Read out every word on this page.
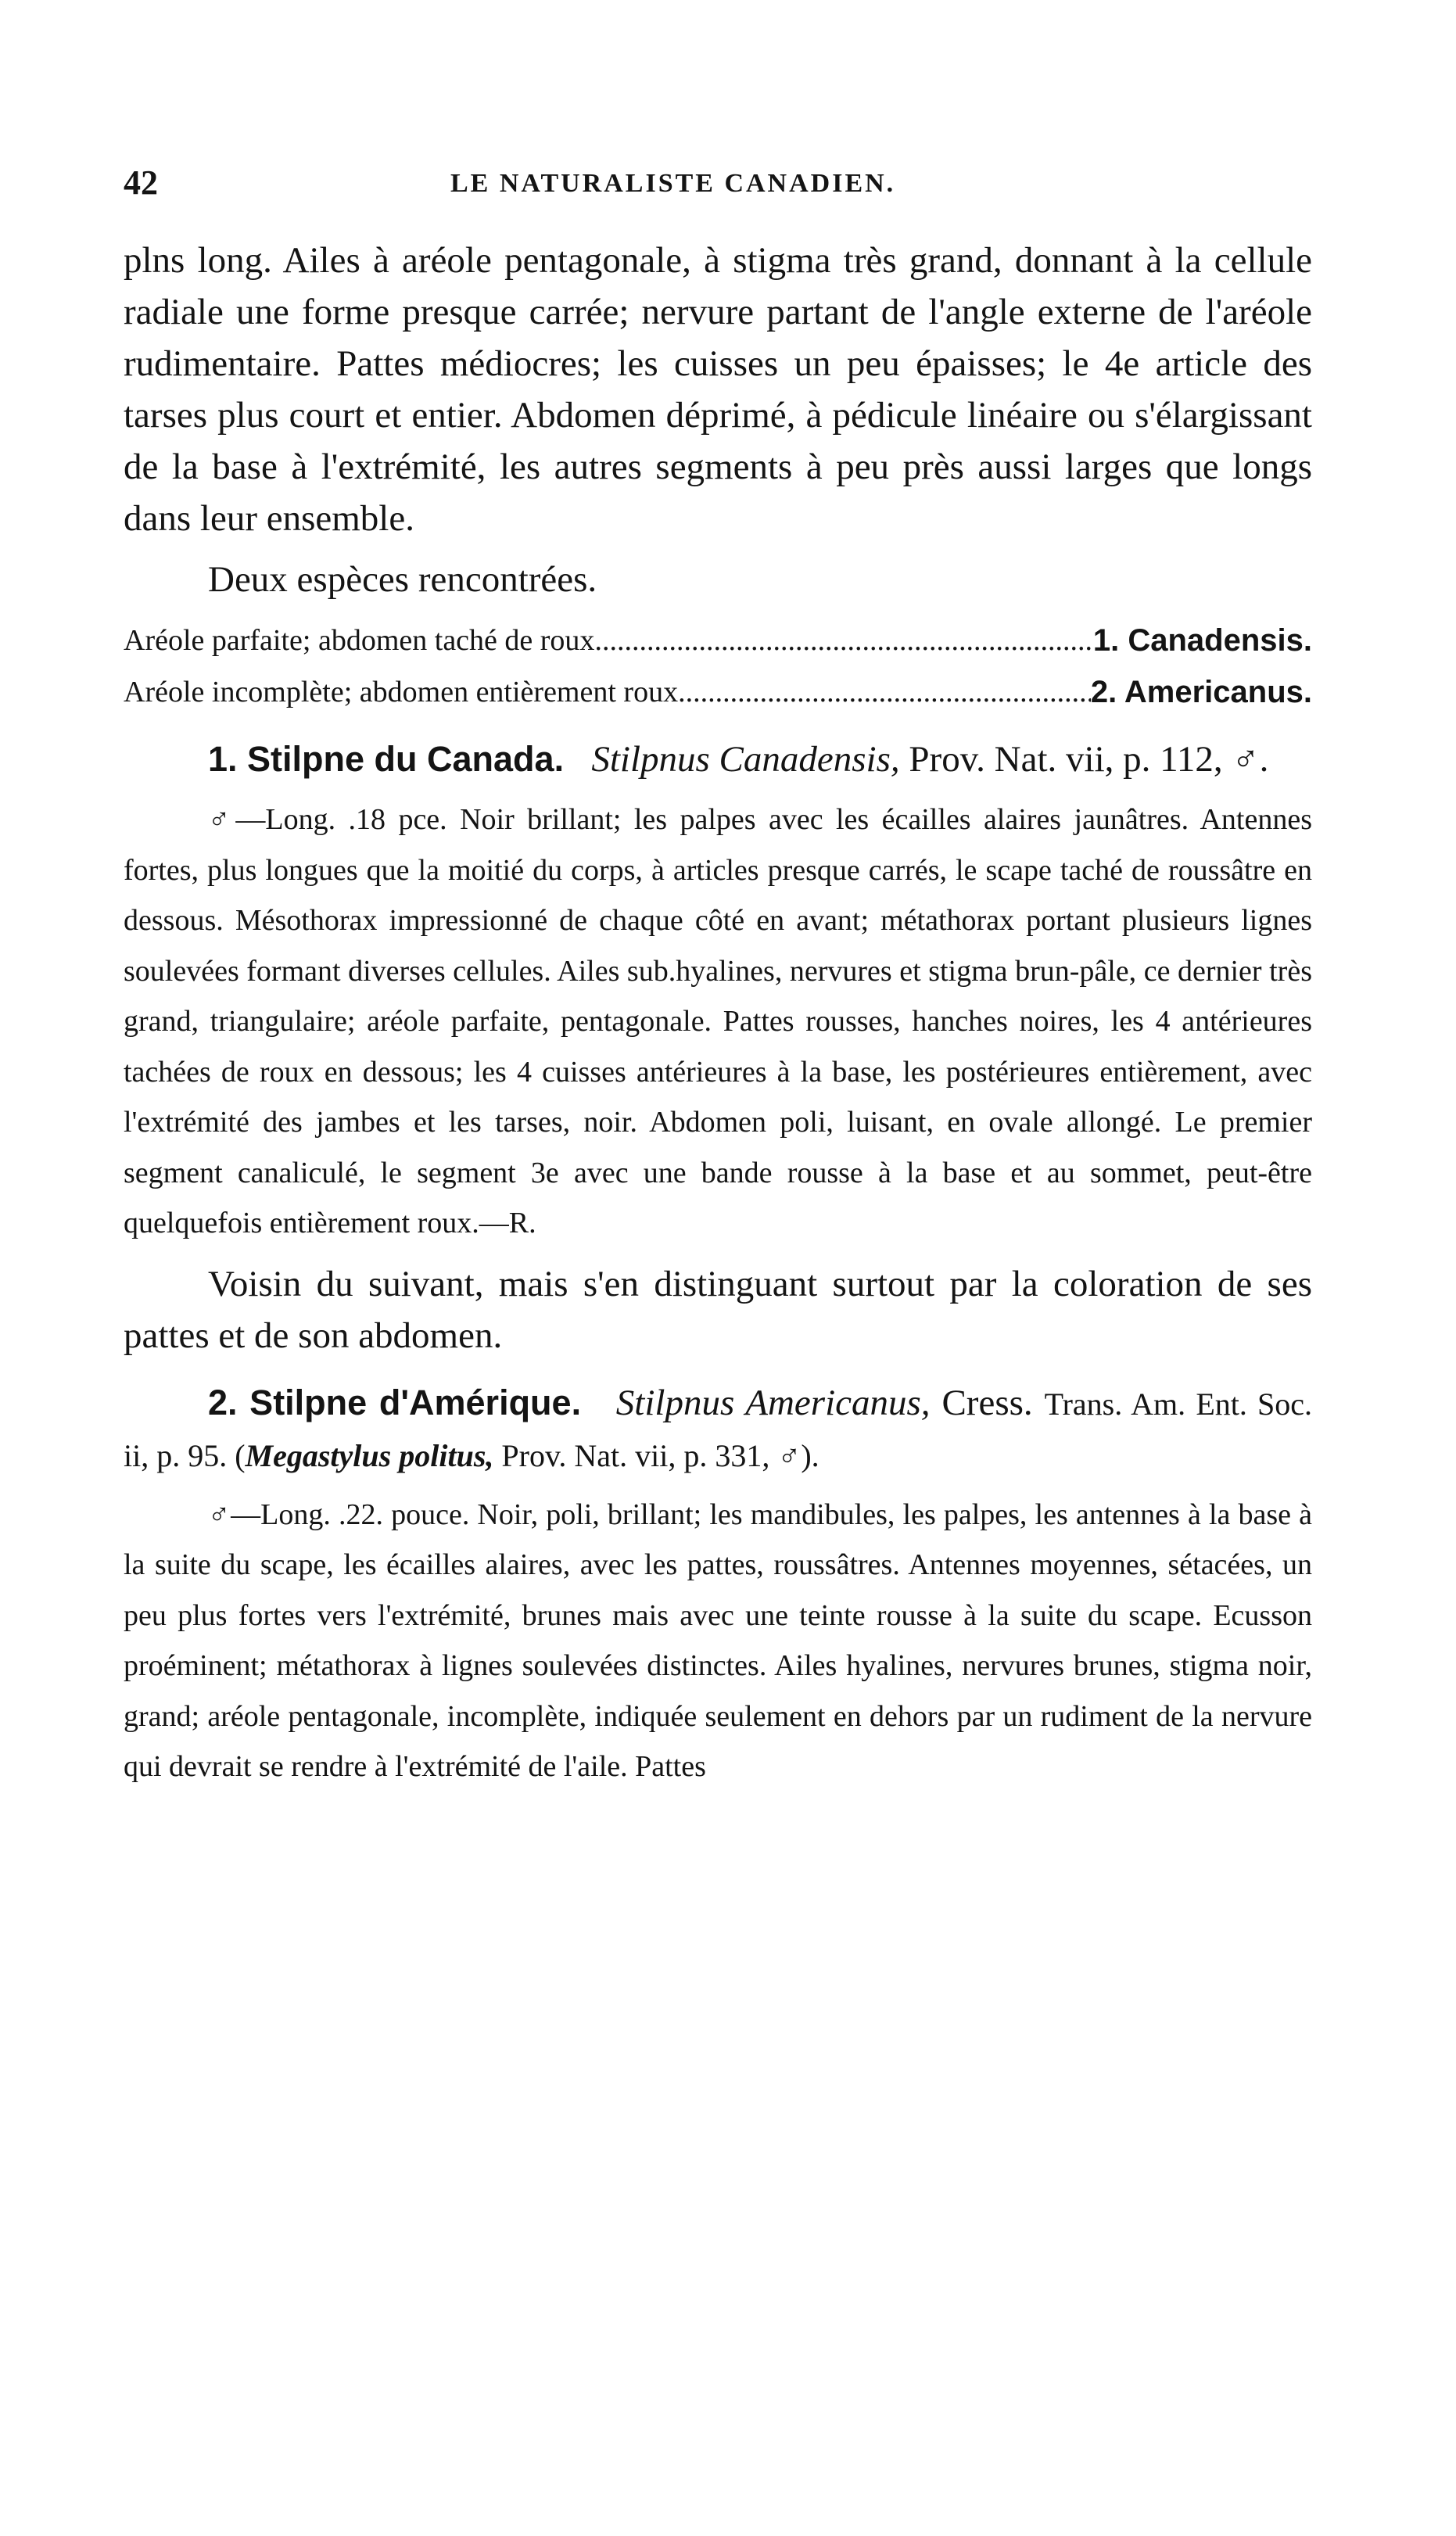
42	LE NATURALISTE CANADIEN.

plns long. Ailes à aréole pentagonale, à stigma très grand, donnant à la cellule radiale une forme presque carrée; nervure partant de l'angle externe de l'aréole rudimentaire. Pattes médiocres; les cuisses un peu épaisses; le 4e article des tarses plus court et entier. Abdomen déprimé, à pédicule linéaire ou s'élargissant de la base à l'extrémité, les autres segments à peu près aussi larges que longs dans leur ensemble.

Deux espèces rencontrées.

Aréole parfaite; abdomen taché de roux .....	1. Canadensis.
Aréole incomplète; abdomen entièrement roux .....	2. Americanus.

1. Stilpne du Canada. Stilpnus Canadensis, Prov. Nat. vii, p. 112, ♂.

♂—Long. .18 pce. Noir brillant; les palpes avec les écailles alaires jaunâtres. Antennes fortes, plus longues que la moitié du corps, à articles presque carrés, le scape taché de roussâtre en dessous. Mésothorax impressionné de chaque côté en avant; métathorax portant plusieurs lignes soulevées formant diverses cellules. Ailes sub.hyalines, nervures et stigma brun-pâle, ce dernier très grand, triangulaire; aréole parfaite, pentagonale. Pattes rousses, hanches noires, les 4 antérieures tachées de roux en dessous; les 4 cuisses antérieures à la base, les postérieures entièrement, avec l'extrémité des jambes et les tarses, noir. Abdomen poli, luisant, en ovale allongé. Le premier segment canaliculé, le segment 3e avec une bande rousse à la base et au sommet, peut-être quelquefois entièrement roux.—R.

Voisin du suivant, mais s'en distinguant surtout par la coloration de ses pattes et de son abdomen.

2. Stilpne d'Amérique. Stilpnus Americanus, Cress. Trans. Am. Ent. Soc. ii, p. 95. (Megastylus politus, Prov. Nat. vii, p. 331, ♂).

♂—Long. .22. pouce. Noir, poli, brillant; les mandibules, les palpes, les antennes à la base à la suite du scape, les écailles alaires, avec les pattes, roussâtres. Antennes moyennes, sétacées, un peu plus fortes vers l'extrémité, brunes mais avec une teinte rousse à la suite du scape. Ecusson proéminent; métathorax à lignes soulevées distinctes. Ailes hyalines, nervures brunes, stigma noir, grand; aréole pentagonale, incomplète, indiquée seulement en dehors par un rudiment de la nervure qui devrait se rendre à l'extrémité de l'aile. Pattes
